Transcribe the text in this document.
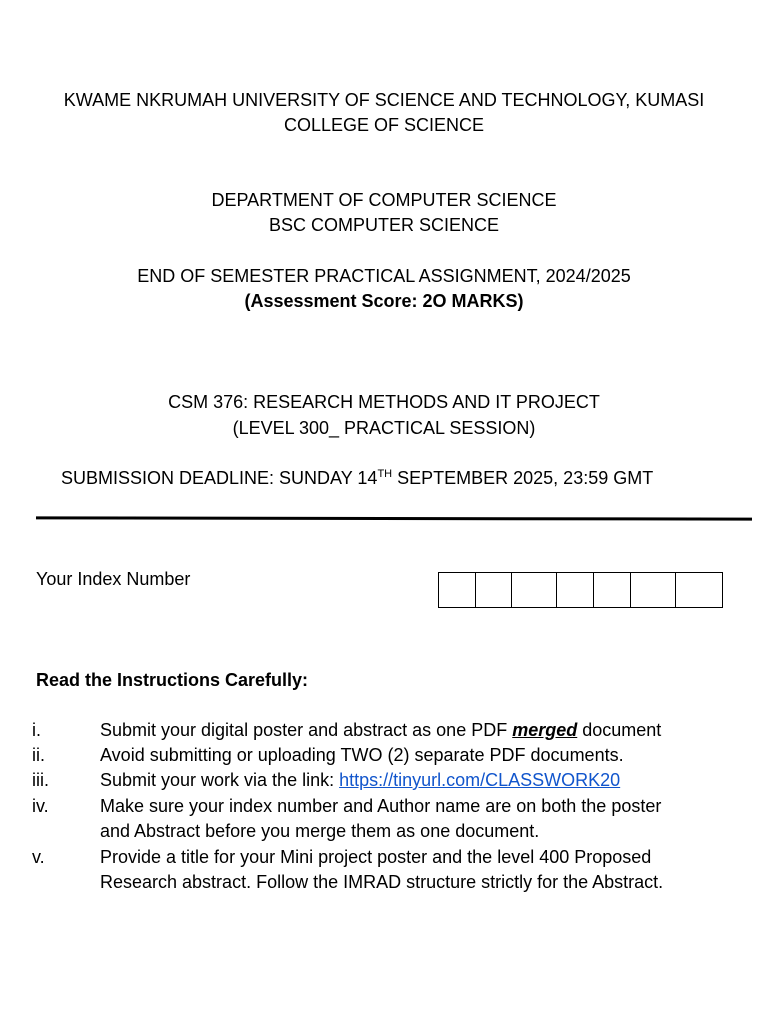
KWAME NKRUMAH UNIVERSITY OF SCIENCE AND TECHNOLOGY, KUMASI
COLLEGE OF SCIENCE
DEPARTMENT OF COMPUTER SCIENCE
BSC COMPUTER SCIENCE
END OF SEMESTER PRACTICAL ASSIGNMENT, 2024/2025
(Assessment Score: 2O MARKS)
CSM 376: RESEARCH METHODS AND IT PROJECT
(LEVEL 300_ PRACTICAL SESSION)
SUBMISSION DEADLINE: SUNDAY 14TH SEPTEMBER 2025, 23:59 GMT
Your Index Number
Read the Instructions Carefully:
i.	Submit your digital poster and abstract as one PDF merged document
ii.	Avoid submitting or uploading TWO (2) separate PDF documents.
iii.	Submit your work via the link: https://tinyurl.com/CLASSWORK20
iv.	Make sure your index number and Author name are on both the poster
and Abstract before you merge them as one document.
v.	Provide a title for your Mini project poster and the level 400 Proposed
Research abstract. Follow the IMRAD structure strictly for the Abstract.
